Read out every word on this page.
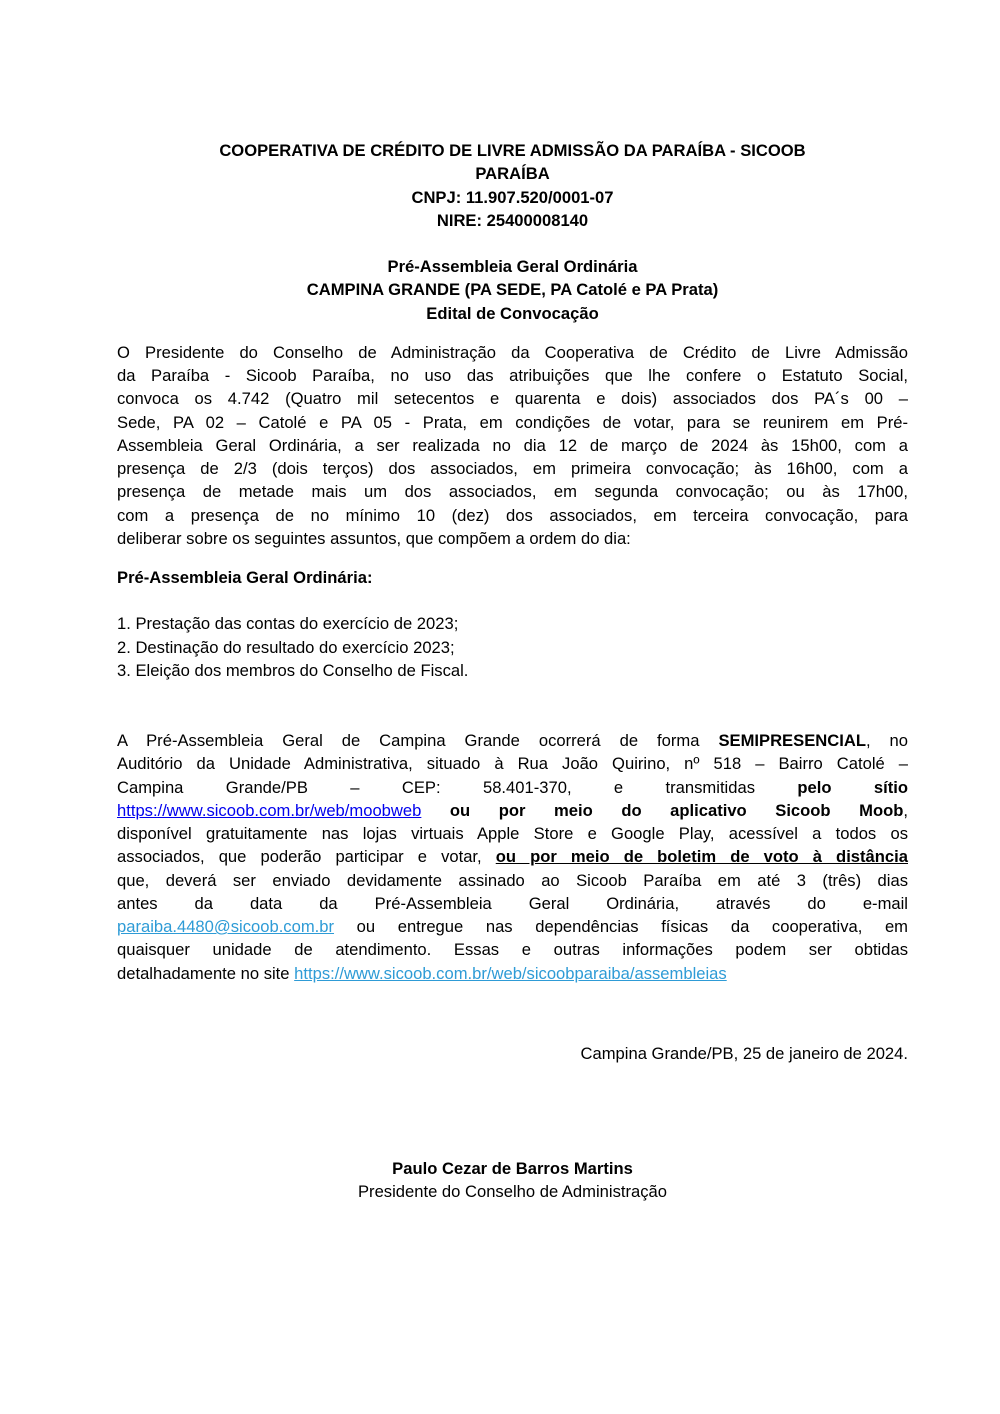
COOPERATIVA DE CRÉDITO DE LIVRE ADMISSÃO DA PARAÍBA - SICOOB
PARAÍBA
CNPJ: 11.907.520/0001-07
NIRE: 25400008140
Pré-Assembleia Geral Ordinária
CAMPINA GRANDE (PA SEDE, PA Catolé e PA Prata)
Edital de Convocação
O Presidente do Conselho de Administração da Cooperativa de Crédito de Livre Admissão
da Paraíba - Sicoob Paraíba, no uso das atribuições que lhe confere o Estatuto Social,
convoca os 4.742 (Quatro mil setecentos e quarenta e dois) associados dos PA´s 00 –
Sede, PA 02 – Catolé e PA 05 - Prata, em condições de votar, para se reunirem em Pré-
Assembleia Geral Ordinária, a ser realizada no dia 12 de março de 2024 às 15h00, com a
presença de 2/3 (dois terços) dos associados, em primeira convocação; às 16h00, com a
presença de metade mais um dos associados, em segunda convocação; ou às 17h00,
com a presença de no mínimo 10 (dez) dos associados, em terceira convocação, para
deliberar sobre os seguintes assuntos, que compõem a ordem do dia:
Pré-Assembleia Geral Ordinária:
1. Prestação das contas do exercício de 2023;
2. Destinação do resultado do exercício 2023;
3. Eleição dos membros do Conselho de Fiscal.
A Pré-Assembleia Geral de Campina Grande ocorrerá de forma SEMIPRESENCIAL, no
Auditório da Unidade Administrativa, situado à Rua João Quirino, nº 518 – Bairro Catolé –
Campina Grande/PB – CEP: 58.401-370, e transmitidas pelo sítio
https://www.sicoob.com.br/web/moobweb ou por meio do aplicativo Sicoob Moob,
disponível gratuitamente nas lojas virtuais Apple Store e Google Play, acessível a todos os
associados, que poderão participar e votar, ou por meio de boletim de voto à distância
que, deverá ser enviado devidamente assinado ao Sicoob Paraíba em até 3 (três) dias
antes da data da Pré-Assembleia Geral Ordinária, através do e-mail
paraiba.4480@sicoob.com.br ou entregue nas dependências físicas da cooperativa, em
quaisquer unidade de atendimento. Essas e outras informações podem ser obtidas
detalhadamente no site https://www.sicoob.com.br/web/sicoobparaiba/assembleias
Campina Grande/PB, 25 de janeiro de 2024.
Paulo Cezar de Barros Martins
Presidente do Conselho de Administração
